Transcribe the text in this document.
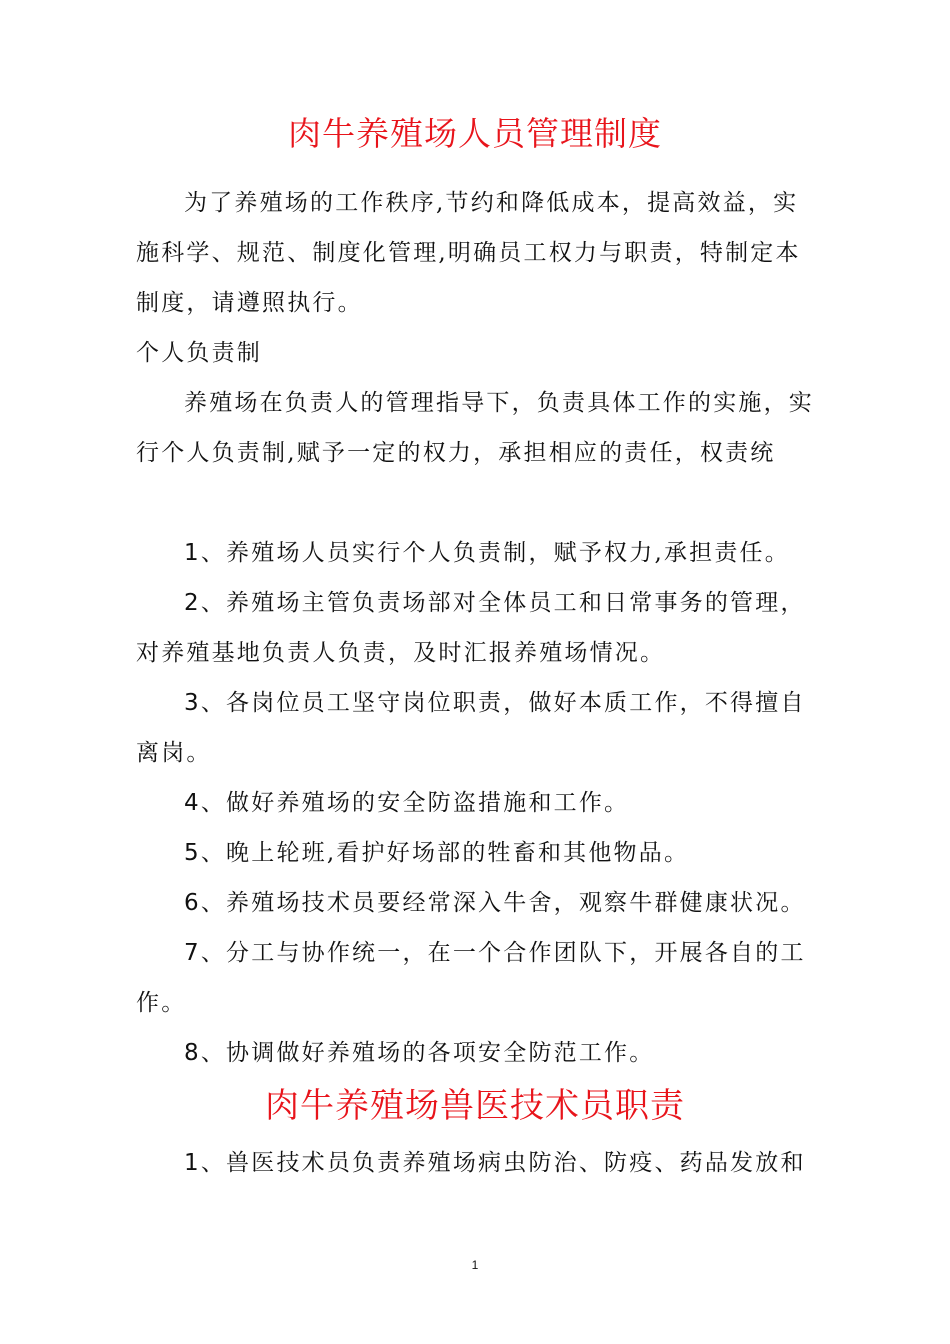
肉牛养殖场人员管理制度

为了养殖场的工作秩序,节约和降低成本，提高效益，实
施科学、规范、制度化管理,明确员工权力与职责，特制定本
制度，请遵照执行。

个人负责制

养殖场在负责人的管理指导下，负责具体工作的实施，实
行个人负责制,赋予一定的权力，承担相应的责任，权责统

1、养殖场人员实行个人负责制，赋予权力,承担责任。

2、养殖场主管负责场部对全体员工和日常事务的管理，
对养殖基地负责人负责，及时汇报养殖场情况。

3、各岗位员工坚守岗位职责，做好本质工作，不得擅自
离岗。

4、做好养殖场的安全防盗措施和工作。

5、晚上轮班,看护好场部的牲畜和其他物品。

6、养殖场技术员要经常深入牛舍，观察牛群健康状况。

7、分工与协作统一，在一个合作团队下，开展各自的工
作。

8、协调做好养殖场的各项安全防范工作。

肉牛养殖场兽医技术员职责

1、兽医技术员负责养殖场病虫防治、防疫、药品发放和

1
